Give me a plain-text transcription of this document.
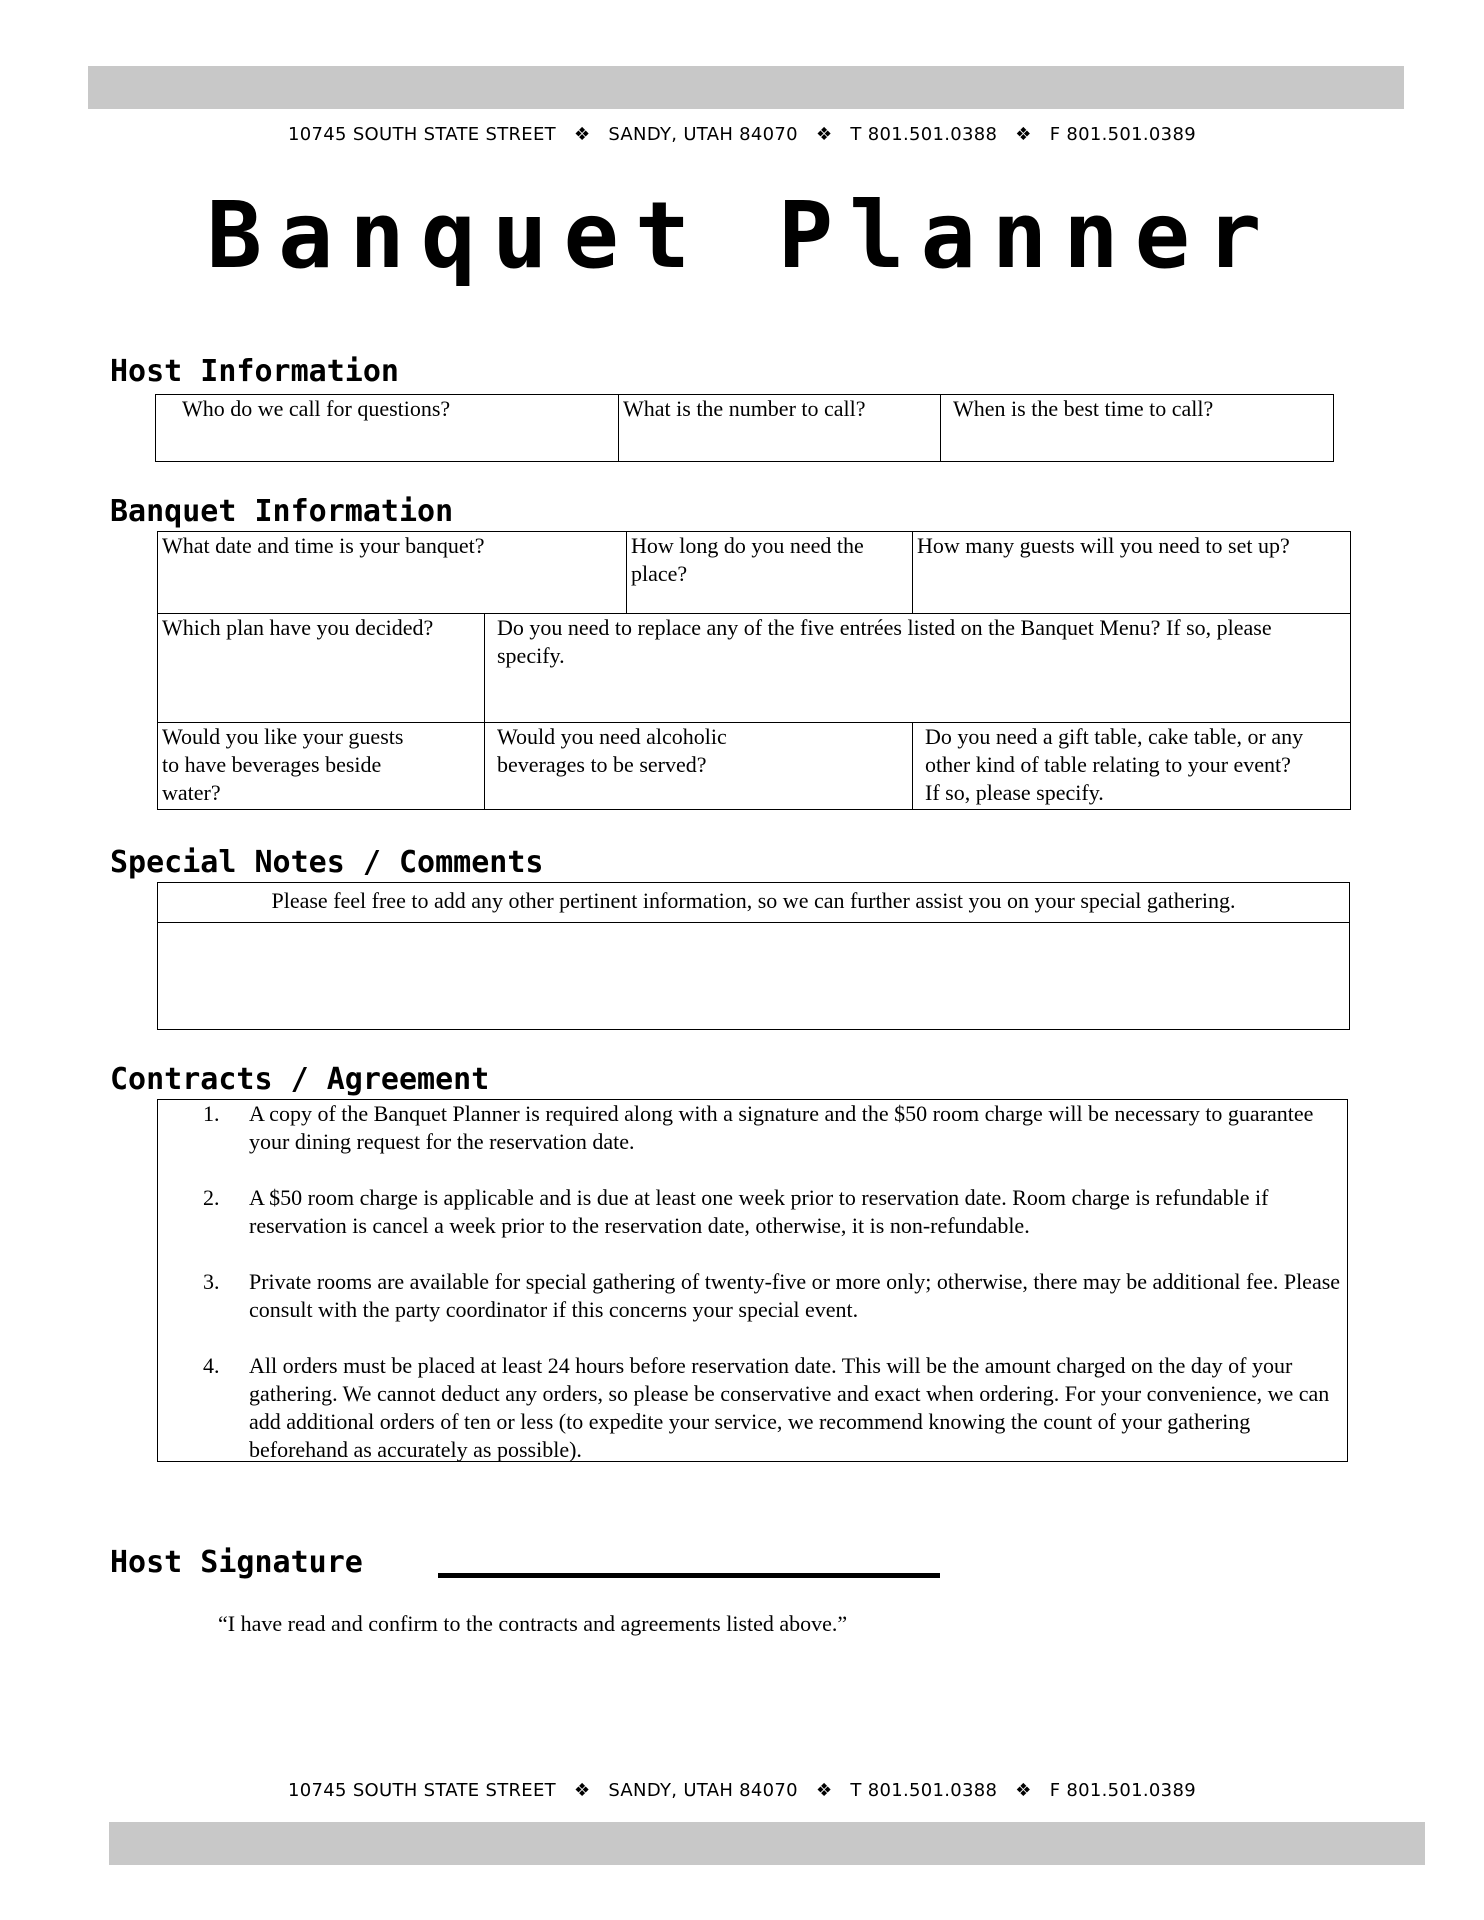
10745 SOUTH STATE STREET ❖ SANDY, UTAH 84070 ❖ T 801.501.0388 ❖ F 801.501.0389
Banquet Planner
Host Information
Who do we call for questions?	What is the number to call?	When is the best time to call?
Banquet Information
What date and time is your banquet?		How long do you need the place?	How many guests will you need to set up?
Which plan have you decided?	Do you need to replace any of the five entrées listed on the Banquet Menu? If so, please specify.		
Would you like your guests to have beverages beside water?	Would you need alcoholic beverages to be served?		Do you need a gift table, cake table, or any other kind of table relating to your event? If so, please specify.
Special Notes / Comments
Please feel free to add any other pertinent information, so we can further assist you on your special gathering.
Contracts / Agreement
1. A copy of the Banquet Planner is required along with a signature and the $50 room charge will be necessary to guarantee your dining request for the reservation date.
2. A $50 room charge is applicable and is due at least one week prior to reservation date. Room charge is refundable if reservation is cancel a week prior to the reservation date, otherwise, it is non-refundable.
3. Private rooms are available for special gathering of twenty-five or more only; otherwise, there may be additional fee. Please consult with the party coordinator if this concerns your special event.
4. All orders must be placed at least 24 hours before reservation date. This will be the amount charged on the day of your gathering. We cannot deduct any orders, so please be conservative and exact when ordering. For your convenience, we can add additional orders of ten or less (to expedite your service, we recommend knowing the count of your gathering beforehand as accurately as possible).
Host Signature
“I have read and confirm to the contracts and agreements listed above.”
10745 SOUTH STATE STREET ❖ SANDY, UTAH 84070 ❖ T 801.501.0388 ❖ F 801.501.0389
